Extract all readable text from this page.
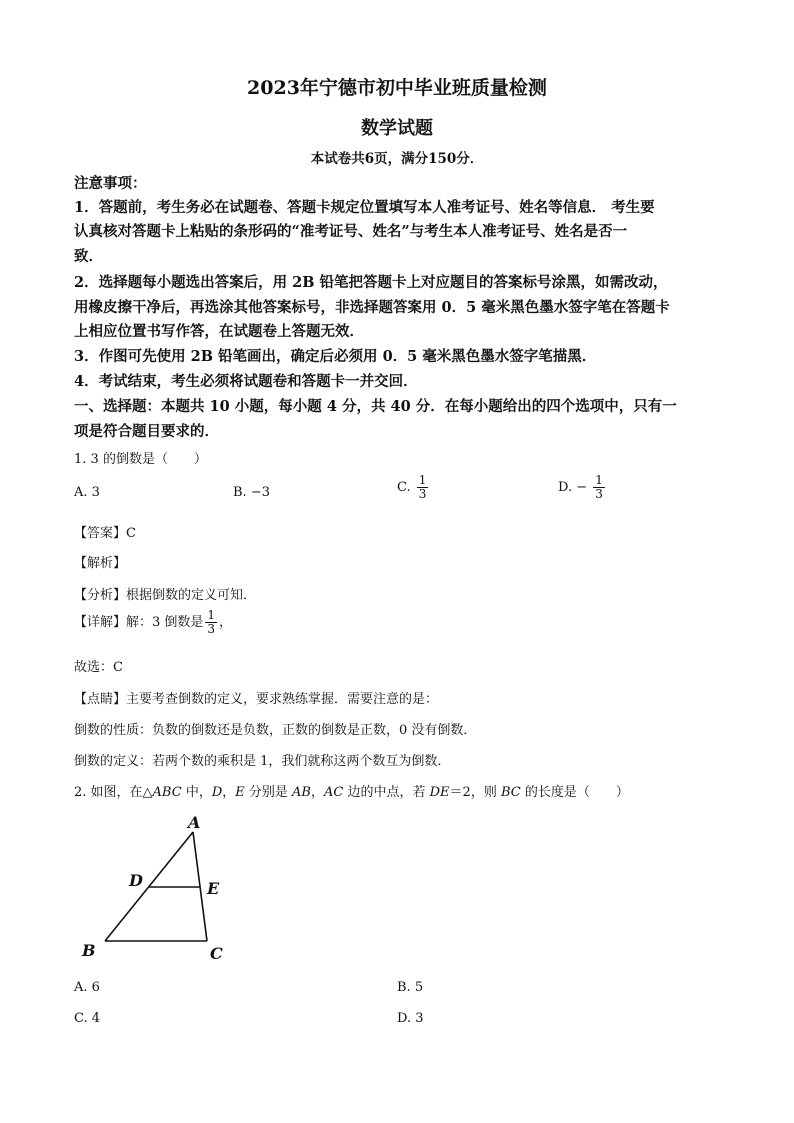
2023年宁德市初中毕业班质量检测
数学试题
本试卷共6页，满分150分．
注意事项：
1．答题前，考生务必在试题卷、答题卡规定位置填写本人准考证号、姓名等信息． 考生要
认真核对答题卡上粘贴的条形码的“准考证号、姓名”与考生本人准考证号、姓名是否一
致．
2．选择题每小题选出答案后，用 2B 铅笔把答题卡上对应题目的答案标号涂黑，如需改动，
用橡皮擦干净后，再选涂其他答案标号，非选择题答案用 0．5 毫米黑色墨水签字笔在答题卡
上相应位置书写作答，在试题卷上答题无效．
3．作图可先使用 2B 铅笔画出，确定后必须用 0．5 毫米黑色墨水签字笔描黑．
4．考试结束，考生必须将试题卷和答题卡一并交回．
一、选择题：本题共 10 小题，每小题 4 分，共 40 分．在每小题给出的四个选项中，只有一
项是符合题目要求的．
1. 3 的倒数是（　　）
A. 3	B. −3	C. $\frac{1}{3}$	D. − $\frac{1}{3}$
【答案】C
【解析】
【分析】根据倒数的定义可知．
【详解】解：3 倒数是 $\frac{1}{3}$ ，
故选：C
【点睛】主要考查倒数的定义，要求熟练掌握．需要注意的是：
倒数的性质：负数的倒数还是负数，正数的倒数是正数，0 没有倒数．
倒数的定义：若两个数的乘积是 1，我们就称这两个数互为倒数．
2. 如图，在△ABC 中，D，E 分别是 AB，AC 边的中点，若 DE＝2，则 BC 的长度是（　　）
A
D	E
B	C
A. 6	B. 5
C. 4	D. 3
